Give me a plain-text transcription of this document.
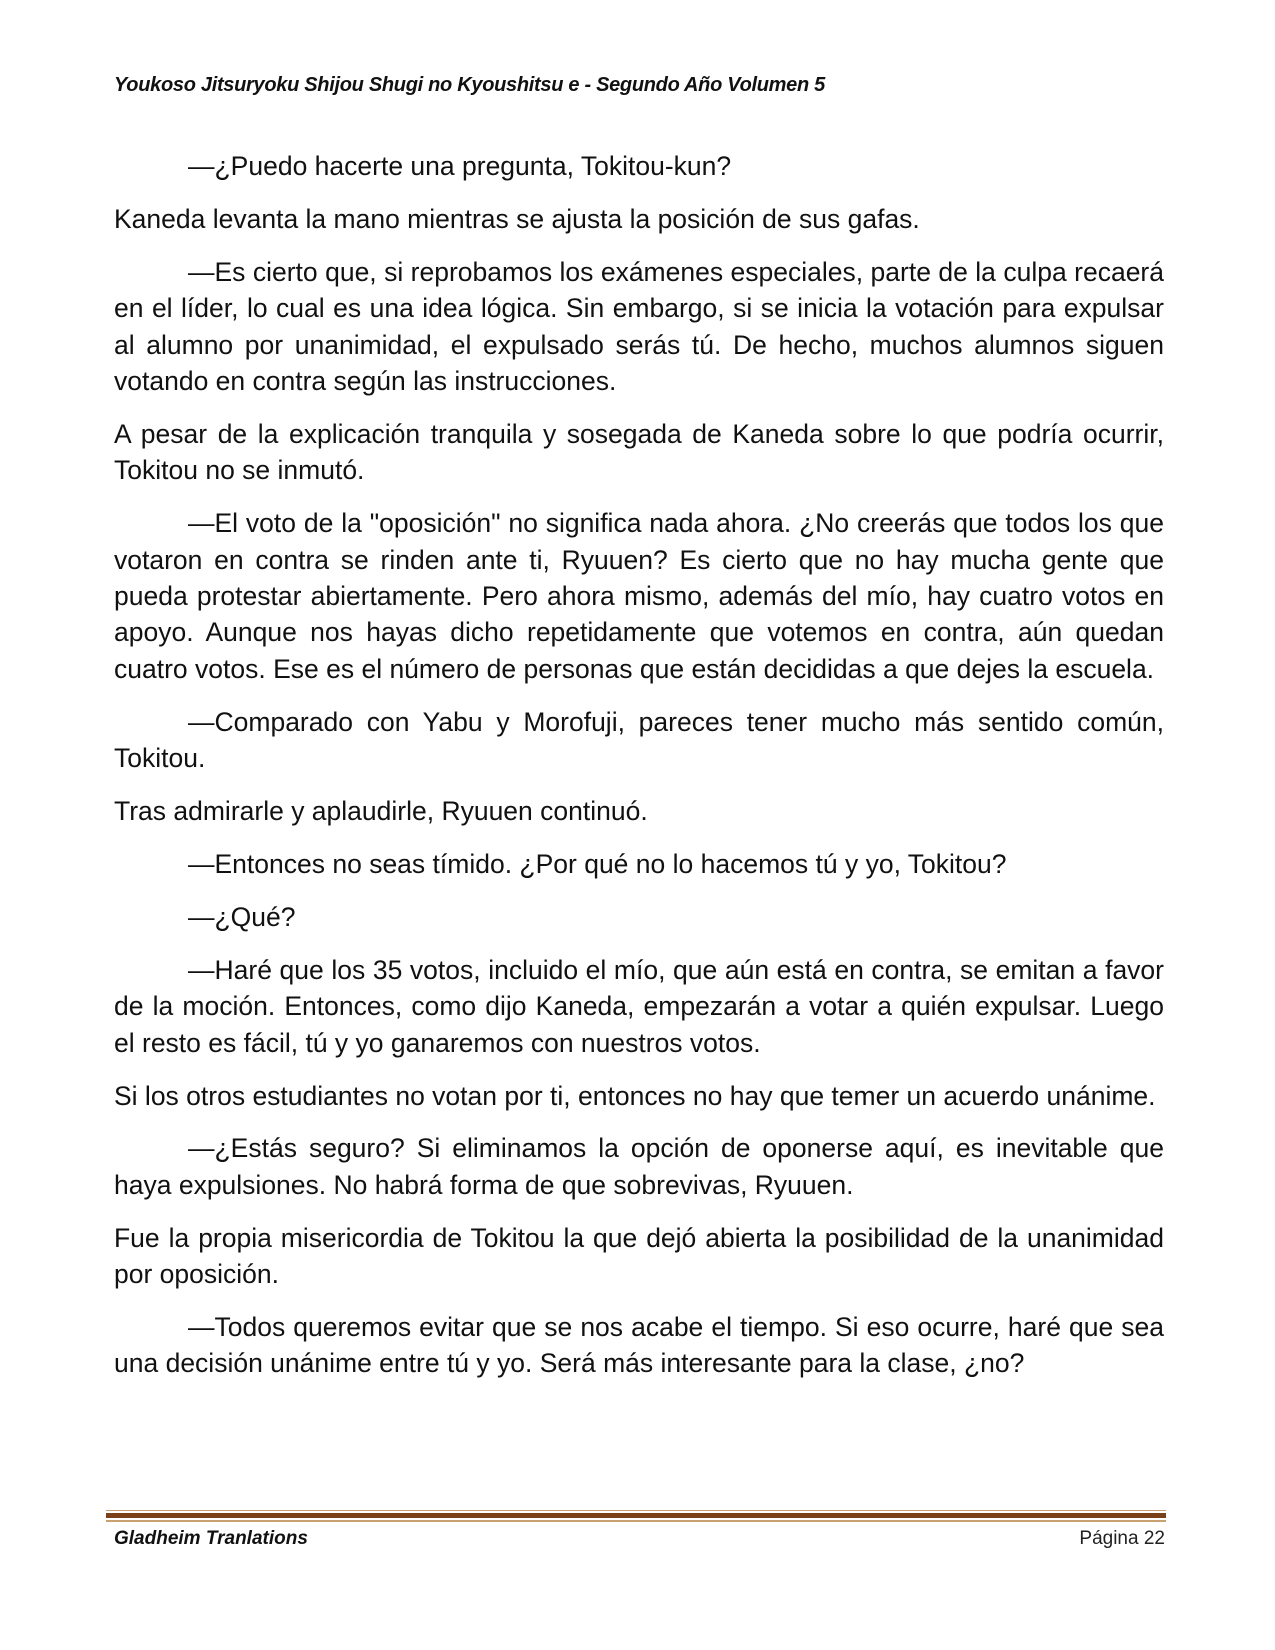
Youkoso Jitsuryoku Shijou Shugi no Kyoushitsu e - Segundo Año Volumen 5

—¿Puedo hacerte una pregunta, Tokitou-kun?

Kaneda levanta la mano mientras se ajusta la posición de sus gafas.

—Es cierto que, si reprobamos los exámenes especiales, parte de la culpa recaerá en el líder, lo cual es una idea lógica. Sin embargo, si se inicia la votación para expulsar al alumno por unanimidad, el expulsado serás tú. De hecho, muchos alumnos siguen votando en contra según las instrucciones.

A pesar de la explicación tranquila y sosegada de Kaneda sobre lo que podría ocurrir, Tokitou no se inmutó.

—El voto de la "oposición" no significa nada ahora. ¿No creerás que todos los que votaron en contra se rinden ante ti, Ryuuen? Es cierto que no hay mucha gente que pueda protestar abiertamente. Pero ahora mismo, además del mío, hay cuatro votos en apoyo. Aunque nos hayas dicho repetidamente que votemos en contra, aún quedan cuatro votos. Ese es el número de personas que están decididas a que dejes la escuela.

—Comparado con Yabu y Morofuji, pareces tener mucho más sentido común, Tokitou.

Tras admirarle y aplaudirle, Ryuuen continuó.

—Entonces no seas tímido. ¿Por qué no lo hacemos tú y yo, Tokitou?

—¿Qué?

—Haré que los 35 votos, incluido el mío, que aún está en contra, se emitan a favor de la moción. Entonces, como dijo Kaneda, empezarán a votar a quién expulsar. Luego el resto es fácil, tú y yo ganaremos con nuestros votos.

Si los otros estudiantes no votan por ti, entonces no hay que temer un acuerdo unánime.

—¿Estás seguro? Si eliminamos la opción de oponerse aquí, es inevitable que haya expulsiones. No habrá forma de que sobrevivas, Ryuuen.

Fue la propia misericordia de Tokitou la que dejó abierta la posibilidad de la unanimidad por oposición.

—Todos queremos evitar que se nos acabe el tiempo. Si eso ocurre, haré que sea una decisión unánime entre tú y yo. Será más interesante para la clase, ¿no?

Gladheim Tranlations	Página 22
